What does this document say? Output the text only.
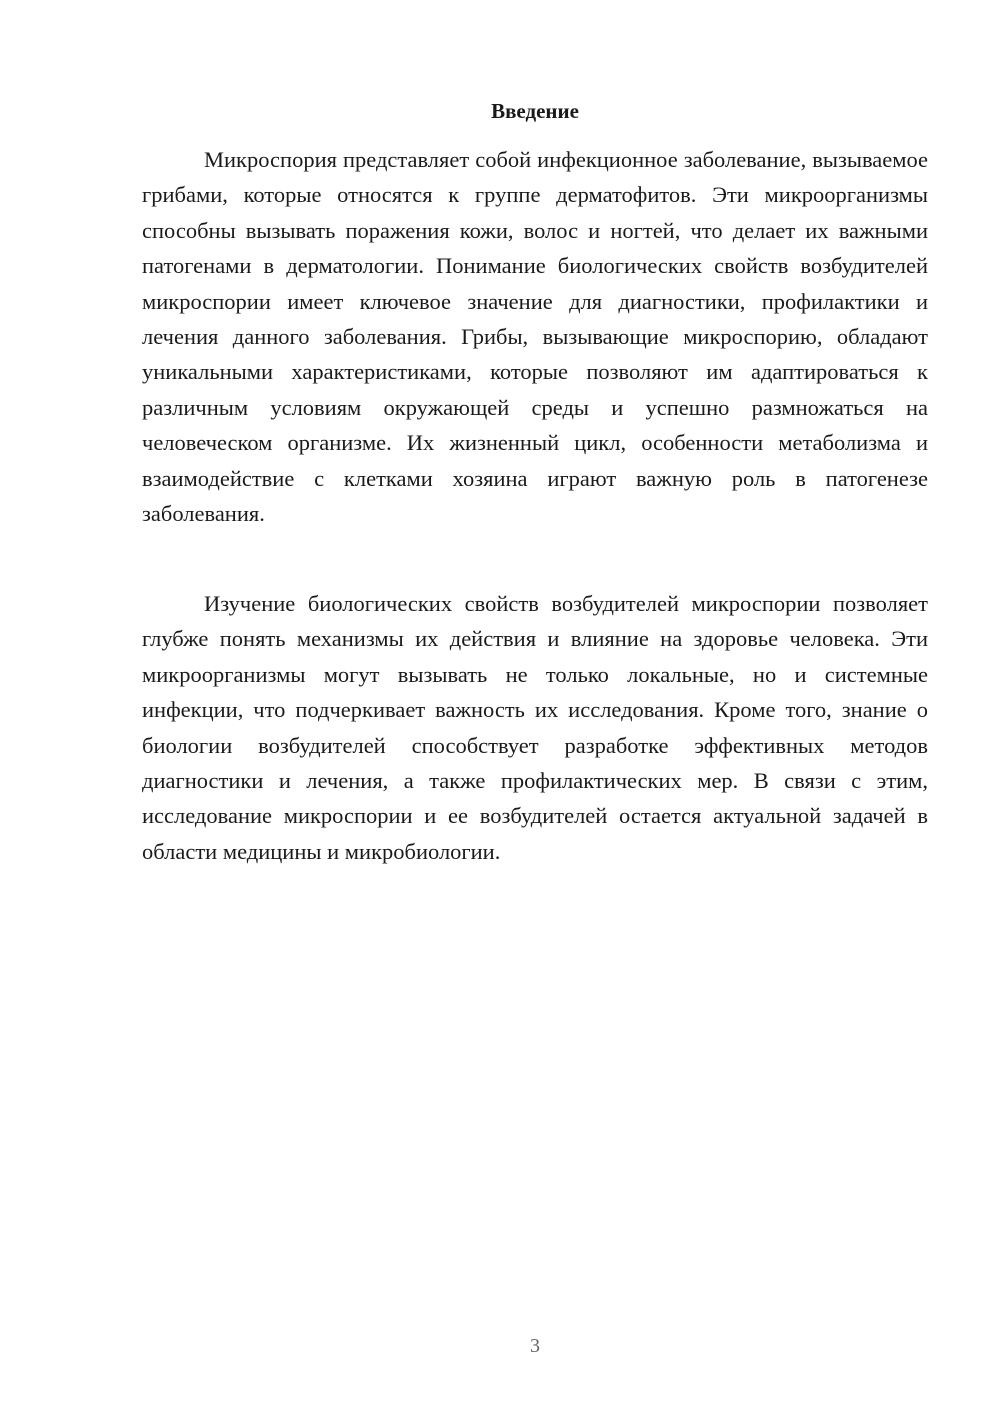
Введение

Микроспория представляет собой инфекционное заболевание, вызываемое грибами, которые относятся к группе дерматофитов. Эти микроорганизмы способны вызывать поражения кожи, волос и ногтей, что делает их важными патогенами в дерматологии. Понимание биологических свойств возбудителей микроспории имеет ключевое значение для диагностики, профилактики и лечения данного заболевания. Грибы, вызывающие микроспорию, обладают уникальными характеристиками, которые позволяют им адаптироваться к различным условиям окружающей среды и успешно размножаться на человеческом организме. Их жизненный цикл, особенности метаболизма и взаимодействие с клетками хозяина играют важную роль в патогенезе заболевания.

Изучение биологических свойств возбудителей микроспории позволяет глубже понять механизмы их действия и влияние на здоровье человека. Эти микроорганизмы могут вызывать не только локальные, но и системные инфекции, что подчеркивает важность их исследования. Кроме того, знание о биологии возбудителей способствует разработке эффективных методов диагностики и лечения, а также профилактических мер. В связи с этим, исследование микроспории и ее возбудителей остается актуальной задачей в области медицины и микробиологии.

3
